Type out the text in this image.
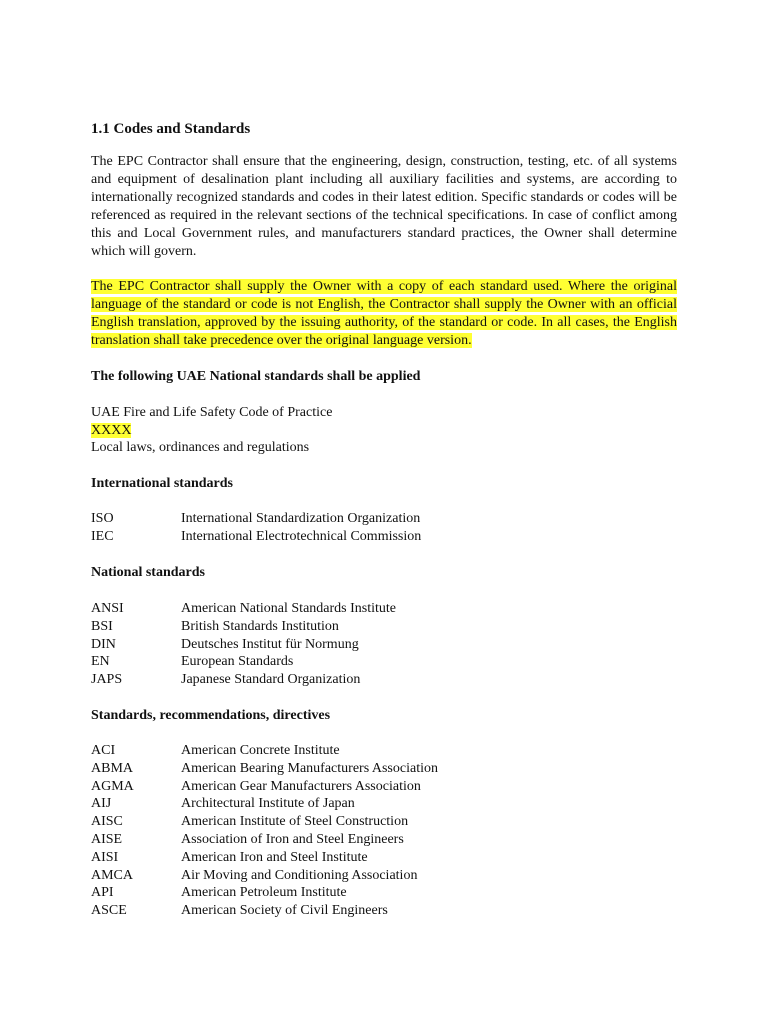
1.1 Codes and Standards

The EPC Contractor shall ensure that the engineering, design, construction, testing, etc. of all systems and equipment of desalination plant including all auxiliary facilities and systems, are according to internationally recognized standards and codes in their latest edition. Specific standards or codes will be referenced as required in the relevant sections of the technical specifications. In case of conflict among this and Local Government rules, and manufacturers standard practices, the Owner shall determine which will govern.

The EPC Contractor shall supply the Owner with a copy of each standard used. Where the original language of the standard or code is not English, the Contractor shall supply the Owner with an official English translation, approved by the issuing authority, of the standard or code. In all cases, the English translation shall take precedence over the original language version.

The following UAE National standards shall be applied

UAE Fire and Life Safety Code of Practice

XXXX

Local laws, ordinances and regulations

International standards

ISO	International Standardization Organization
IEC	International Electrotechnical Commission

National standards

ANSI	American National Standards Institute
BSI	British Standards Institution
DIN	Deutsches Institut für Normung
EN	European Standards
JAPS	Japanese Standard Organization

Standards, recommendations, directives

ACI	American Concrete Institute
ABMA	American Bearing Manufacturers Association
AGMA	American Gear Manufacturers Association
AIJ	Architectural Institute of Japan
AISC	American Institute of Steel Construction
AISE	Association of Iron and Steel Engineers
AISI	American Iron and Steel Institute
AMCA	Air Moving and Conditioning Association
API	American Petroleum Institute
ASCE	American Society of Civil Engineers
